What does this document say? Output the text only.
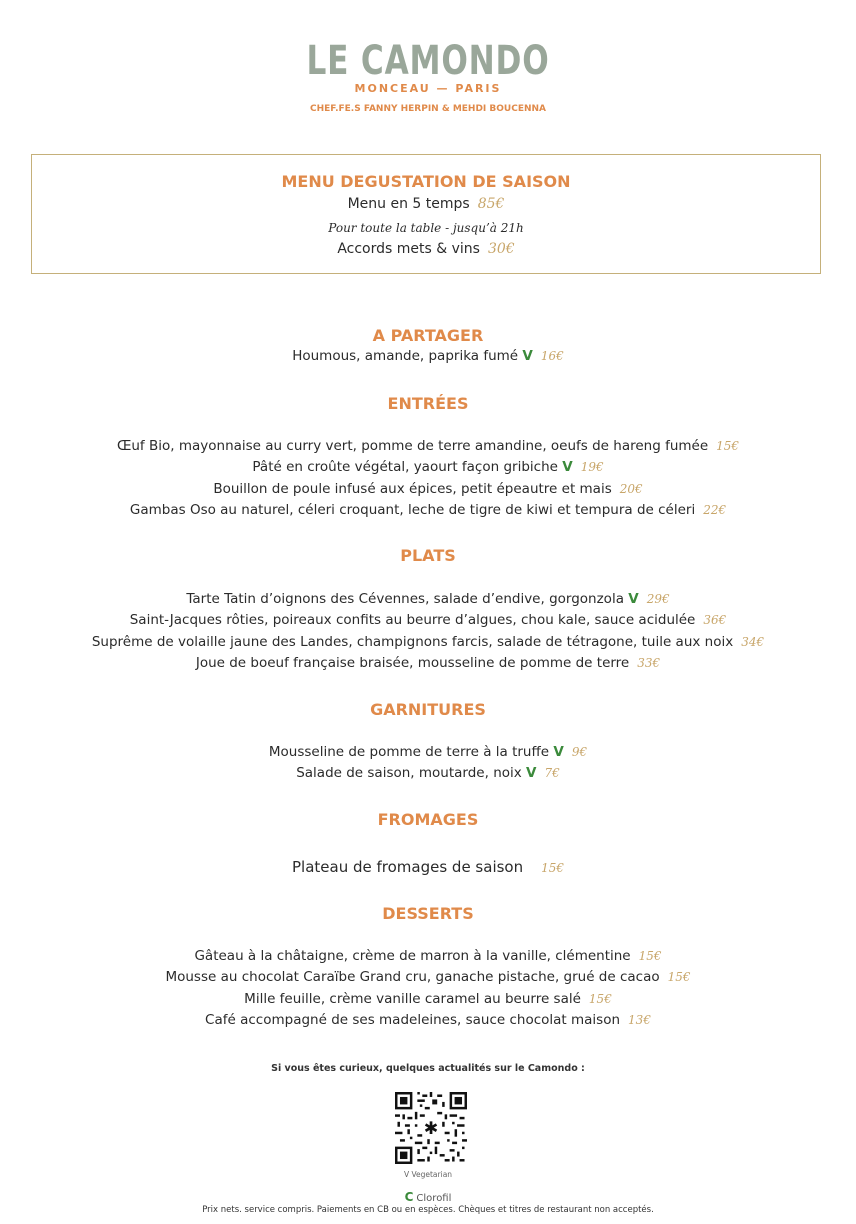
LE CAMONDO
MONCEAU — PARIS
CHEF.FE.S FANNY HERPIN & MEHDI BOUCENNA
MENU DEGUSTATION DE SAISON
Menu en 5 temps 85€
Pour toute la table - jusqu’à 21h
Accords mets & vins 30€
A PARTAGER
Houmous, amande, paprika fumé V 16€
ENTRÉES
Œuf Bio, mayonnaise au curry vert, pomme de terre amandine, oeufs de hareng fumée 15€
Pâté en croûte végétal, yaourt façon gribiche V 19€
Bouillon de poule infusé aux épices, petit épeautre et mais 20€
Gambas Oso au naturel, céleri croquant, leche de tigre de kiwi et tempura de céleri 22€
PLATS
Tarte Tatin d’oignons des Cévennes, salade d’endive, gorgonzola V 29€
Saint-Jacques rôties, poireaux confits au beurre d’algues, chou kale, sauce acidulée 36€
Suprême de volaille jaune des Landes, champignons farcis, salade de tétragone, tuile aux noix 34€
Joue de boeuf française braisée, mousseline de pomme de terre 33€
GARNITURES
Mousseline de pomme de terre à la truffe V 9€
Salade de saison, moutarde, noix V 7€
FROMAGES
Plateau de fromages de saison 15€
DESSERTS
Gâteau à la châtaigne, crème de marron à la vanille, clémentine 15€
Mousse au chocolat Caraïbe Grand cru, ganache pistache, grué de cacao 15€
Mille feuille, crème vanille caramel au beurre salé 15€
Café accompagné de ses madeleines, sauce chocolat maison 13€
Si vous êtes curieux, quelques actualités sur le Camondo :
✱
V Vegetarian
C Clorofil
Prix nets. service compris. Paiements en CB ou en espèces. Chèques et titres de restaurant non acceptés.
